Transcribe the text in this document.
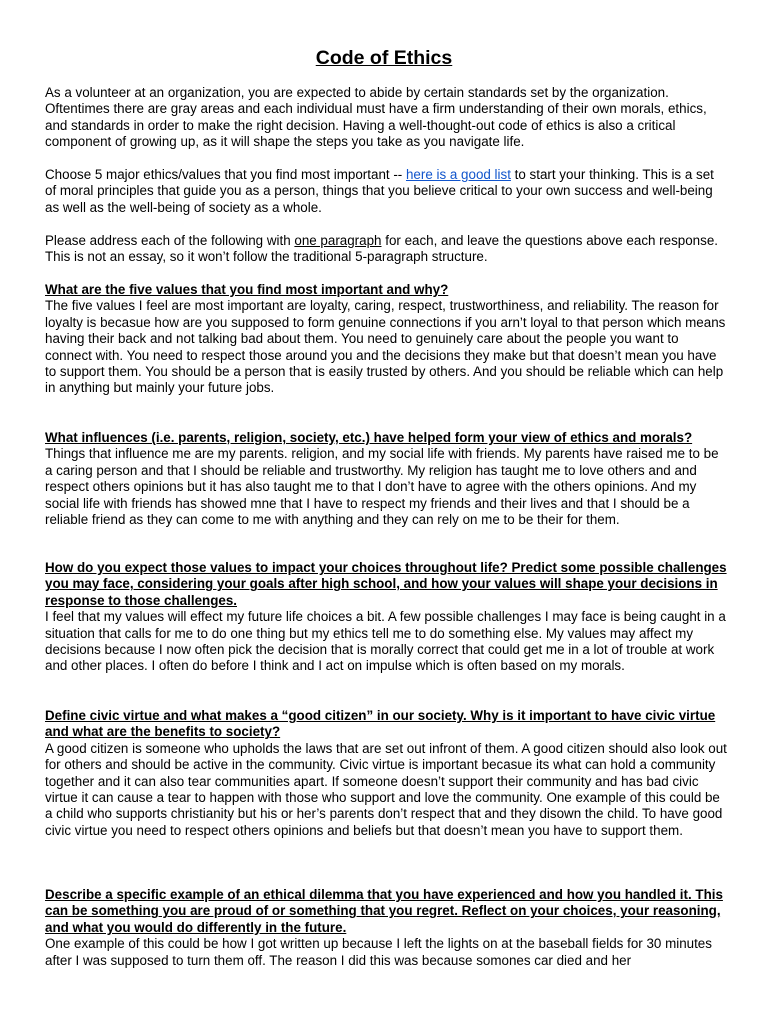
Code of Ethics

As a volunteer at an organization, you are expected to abide by certain standards set by the organization. Oftentimes there are gray areas and each individual must have a firm understanding of their own morals, ethics, and standards in order to make the right decision. Having a well-thought-out code of ethics is also a critical component of growing up, as it will shape the steps you take as you navigate life.

Choose 5 major ethics/values that you find most important -- here is a good list to start your thinking. This is a set of moral principles that guide you as a person, things that you believe critical to your own success and well-being as well as the well-being of society as a whole.

Please address each of the following with one paragraph for each, and leave the questions above each response. This is not an essay, so it won’t follow the traditional 5-paragraph structure.

What are the five values that you find most important and why?

The five values I feel are most important are loyalty, caring, respect, trustworthiness, and reliability. The reason for loyalty is becasue how are you supposed to form genuine connections if you arn’t loyal to that person which means having their back and not talking bad about them. You need to genuinely care about the people you want to connect with. You need to respect those around you and the decisions they make but that doesn’t mean you have to support them. You should be a person that is easily trusted by others. And you should be reliable which can help in anything but mainly your future jobs.

What influences (i.e. parents, religion, society, etc.) have helped form your view of ethics and morals?

Things that influence me are my parents. religion, and my social life with friends. My parents have raised me to be a caring person and that I should be reliable and trustworthy. My religion has taught me to love others and and respect others opinions but it has also taught me to that I don’t have to agree with the others opinions. And my social life with friends has showed mne that I have to respect my friends and their lives and that I should be a reliable friend as they can come to me with anything and they can rely on me to be their for them.

How do you expect those values to impact your choices throughout life? Predict some possible challenges you may face, considering your goals after high school, and how your values will shape your decisions in response to those challenges.

I feel that my values will effect my future life choices a bit. A few possible challenges I may face is being caught in a situation that calls for me to do one thing but my ethics tell me to do something else. My values may affect my decisions because I now often pick the decision that is morally correct that could get me in a lot of trouble at work and other places. I often do before I think and I act on impulse which is often based on my morals.

Define civic virtue and what makes a “good citizen” in our society. Why is it important to have civic virtue and what are the benefits to society?

A good citizen is someone who upholds the laws that are set out infront of them. A good citizen should also look out for others and should be active in the community. Civic virtue is important becasue its what can hold a community together and it can also tear communities apart. If someone doesn’t support their community and has bad civic virtue it can cause a tear to happen with those who support and love the community. One example of this could be a child who supports christianity but his or her’s parents don’t respect that and they disown the child. To have good civic virtue you need to respect others opinions and beliefs but that doesn’t mean you have to support them.

Describe a specific example of an ethical dilemma that you have experienced and how you handled it. This can be something you are proud of or something that you regret. Reflect on your choices, your reasoning, and what you would do differently in the future.

One example of this could be how I got written up because I left the lights on at the baseball fields for 30 minutes after I was supposed to turn them off. The reason I did this was because somones car died and her
